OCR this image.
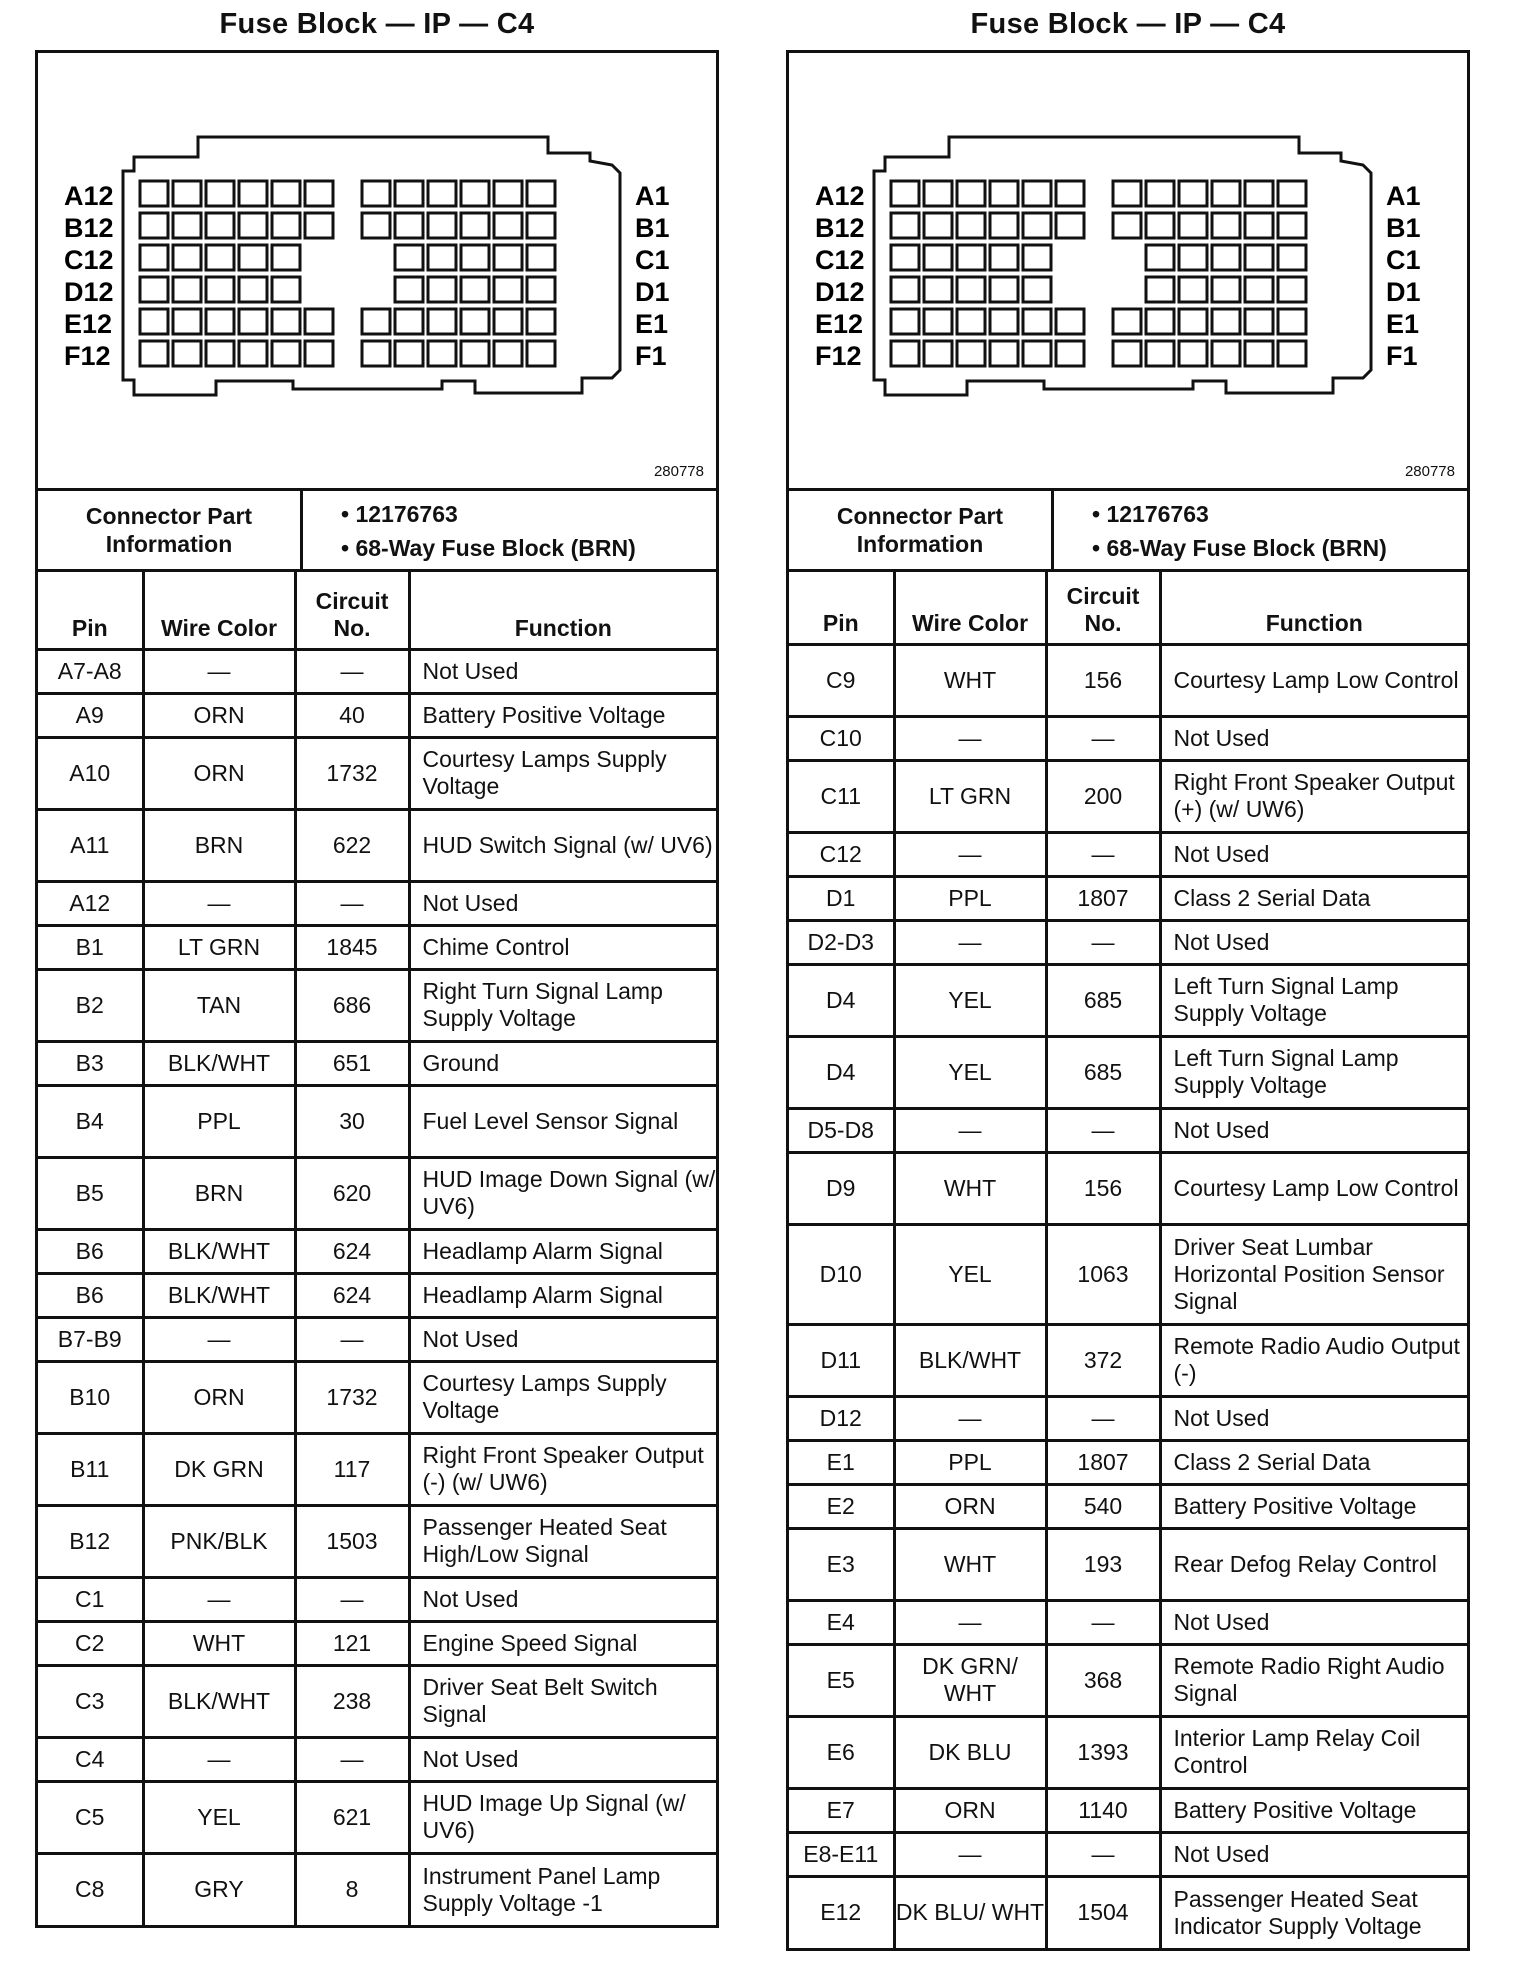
Fuse Block — IP — C4
A12
B12
C12
D12
E12
F12
A1
B1
C1
D1
E1
F1
280778
Connector Part Information
• 12176763
• 68-Way Fuse Block (BRN)
Pin	Wire Color	Circuit No.	Function
A7-A8	—	—	Not Used
A9	ORN	40	Battery Positive Voltage
A10	ORN	1732	Courtesy Lamps Supply Voltage
A11	BRN	622	HUD Switch Signal (w/ UV6)
A12	—	—	Not Used
B1	LT GRN	1845	Chime Control
B2	TAN	686	Right Turn Signal Lamp Supply Voltage
B3	BLK/WHT	651	Ground
B4	PPL	30	Fuel Level Sensor Signal
B5	BRN	620	HUD Image Down Signal (w/ UV6)
B6	BLK/WHT	624	Headlamp Alarm Signal
B6	BLK/WHT	624	Headlamp Alarm Signal
B7-B9	—	—	Not Used
B10	ORN	1732	Courtesy Lamps Supply Voltage
B11	DK GRN	117	Right Front Speaker Output (-) (w/ UW6)
B12	PNK/BLK	1503	Passenger Heated Seat High/Low Signal
C1	—	—	Not Used
C2	WHT	121	Engine Speed Signal
C3	BLK/WHT	238	Driver Seat Belt Switch Signal
C4	—	—	Not Used
C5	YEL	621	HUD Image Up Signal (w/ UV6)
C8	GRY	8	Instrument Panel Lamp Supply Voltage -1
Fuse Block — IP — C4
A12
B12
C12
D12
E12
F12
A1
B1
C1
D1
E1
F1
280778
Connector Part Information
• 12176763
• 68-Way Fuse Block (BRN)
Pin	Wire Color	Circuit No.	Function
C9	WHT	156	Courtesy Lamp Low Control
C10	—	—	Not Used
C11	LT GRN	200	Right Front Speaker Output (+) (w/ UW6)
C12	—	—	Not Used
D1	PPL	1807	Class 2 Serial Data
D2-D3	—	—	Not Used
D4	YEL	685	Left Turn Signal Lamp Supply Voltage
D4	YEL	685	Left Turn Signal Lamp Supply Voltage
D5-D8	—	—	Not Used
D9	WHT	156	Courtesy Lamp Low Control
D10	YEL	1063	Driver Seat Lumbar Horizontal Position Sensor Signal
D11	BLK/WHT	372	Remote Radio Audio Output (-)
D12	—	—	Not Used
E1	PPL	1807	Class 2 Serial Data
E2	ORN	540	Battery Positive Voltage
E3	WHT	193	Rear Defog Relay Control
E4	—	—	Not Used
E5	DK GRN/ WHT	368	Remote Radio Right Audio Signal
E6	DK BLU	1393	Interior Lamp Relay Coil Control
E7	ORN	1140	Battery Positive Voltage
E8-E11	—	—	Not Used
E12	DK BLU/ WHT	1504	Passenger Heated Seat Indicator Supply Voltage
